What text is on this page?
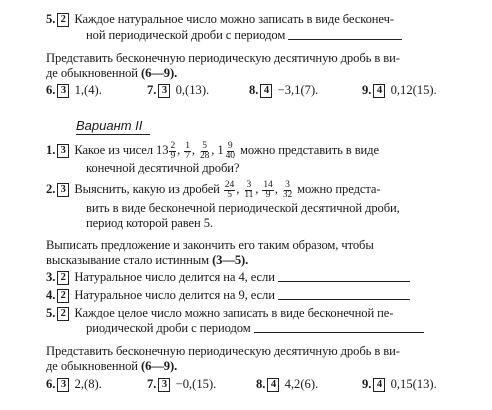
5. 2 Каждое натуральное число можно записать в виде бесконеч-
ной периодической дроби с периодом
Представить бесконечную периодическую десятичную дробь в ви-
де обыкновенной (6—9).
6. 3 1,(4).	7. 3 0,(13).	8. 4 −3,1(7).	9. 4 0,12(15).
Вариант II
1. 3 Какое из чисел $13 \frac{2}{9}$ , $\frac{1}{7}$ , $\frac{5}{28}$ , $1 \frac{9}{40}$ можно представить в виде
конечной десятичной дроби?
2. 3 Выяснить, какую из дробей $\frac{24}{5}$ , $\frac{3}{11}$ , $\frac{14}{9}$ , $\frac{3}{32}$ можно предста-
вить в виде бесконечной периодической десятичной дроби,
период которой равен 5.
Выписать предложение и закончить его таким образом, чтобы
высказывание стало истинным (3—5).
3. 2 Натуральное число делится на 4, если
4. 2 Натуральное число делится на 9, если
5. 2 Каждое целое число можно записать в виде бесконечной пе-
риодической дроби с периодом
Представить бесконечную периодическую десятичную дробь в ви-
де обыкновенной (6—9).
6. 3 2,(8).	7. 3 −0,(15).	8. 4 4,2(6).	9. 4 0,15(13).
